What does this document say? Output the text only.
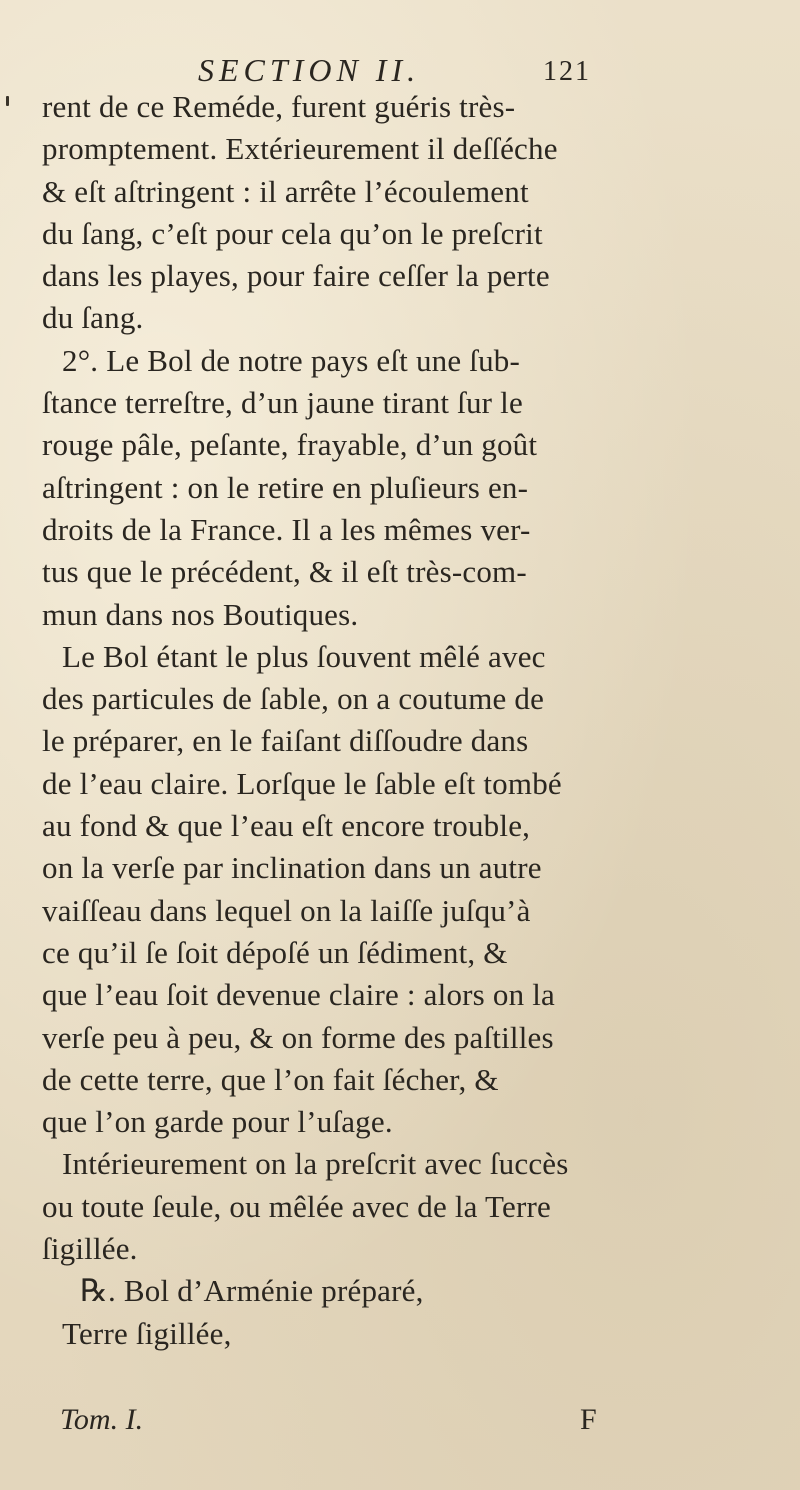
SECTION II.	121
rent de ce Reméde, furent guéris très-
promptement. Extérieurement il deſſéche
& eſt aſtringent : il arrête l’écoulement
du ſang, c’eſt pour cela qu’on le preſcrit
dans les playes, pour faire ceſſer la perte
du ſang.
2°. Le Bol de notre pays eſt une ſub-
ſtance terreſtre, d’un jaune tirant ſur le
rouge pâle, peſante, frayable, d’un goût
aſtringent : on le retire en pluſieurs en-
droits de la France. Il a les mêmes ver-
tus que le précédent, & il eſt très-com-
mun dans nos Boutiques.
Le Bol étant le plus ſouvent mêlé avec
des particules de ſable, on a coutume de
le préparer, en le faiſant diſſoudre dans
de l’eau claire. Lorſque le ſable eſt tombé
au fond & que l’eau eſt encore trouble,
on la verſe par inclination dans un autre
vaiſſeau dans lequel on la laiſſe juſqu’à
ce qu’il ſe ſoit dépoſé un ſédiment, &
que l’eau ſoit devenue claire : alors on la
verſe peu à peu, & on forme des paſtilles
de cette terre, que l’on fait ſécher, &
que l’on garde pour l’uſage.
Intérieurement on la preſcrit avec ſuccès
ou toute ſeule, ou mêlée avec de la Terre
ſigillée.
℞. Bol d’Arménie préparé,
Terre ſigillée,
Tom. I.	F
